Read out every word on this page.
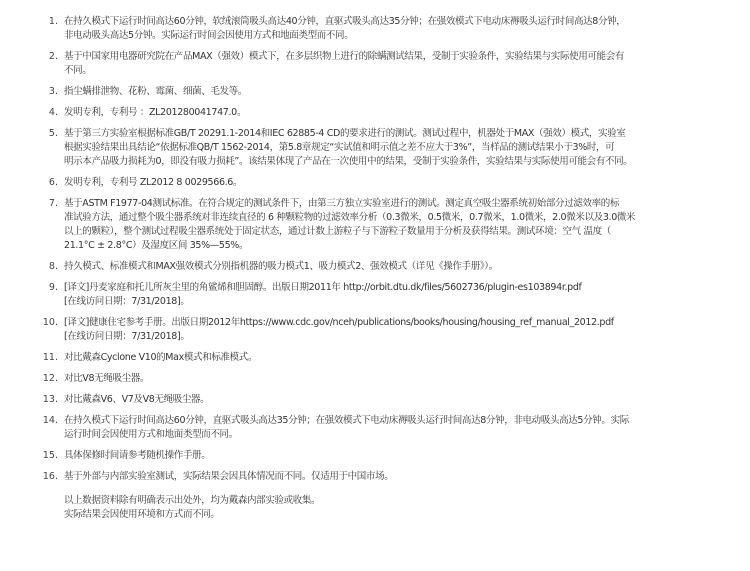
1. 在持久模式下运行时间高达60分钟，软绒滚筒吸头高达40分钟，直驱式吸头高达35分钟；在强效模式下电动床褥吸头运行时间高达8分钟，
非电动吸头高达5分钟。实际运行时间会因使用方式和地面类型而不同。
2. 基于中国家用电器研究院在产品MAX（强效）模式下，在多层织物上进行的除螨测试结果，受制于实验条件，实验结果与实际使用可能会有
不同。
3. 指尘螨排泄物、花粉、霉菌、细菌、毛发等。
4. 发明专利，专利号 ：ZL201280041747.0。
5. 基于第三方实验室根据标准GB/T 20291.1-2014和IEC 62885-4 CD的要求进行的测试。测试过程中，机器处于MAX（强效）模式，实验室
根据实验结果出具结论“依据标准QB/T 1562-2014，第5.8章规定“实试值和明示值之差不应大于3%”，当样品的测试结果小于3%时，可
明示本产品吸力损耗为0，即没有吸力损耗”。该结果体现了产品在一次使用中的结果，受制于实验条件，实验结果与实际使用可能会有不同。
6. 发明专利，专利号 ZL2012 8 0029566.6。
7. 基于ASTM F1977-04测试标准。在符合规定的测试条件下，由第三方独立实验室进行的测试。测定真空吸尘器系统初始部分过滤效率的标
准试验方法，通过整个吸尘器系统对非连续直径的 6 种颗粒物的过滤效率分析（0.3微米，0.5微米，0.7微米，1.0微米，2.0微米以及3.0微米
以上的颗粒），整个测试过程吸尘器系统处于固定状态，通过计数上游粒子与下游粒子数量用于分析及获得结果。测试环境：空气 温度（
21.1°C ± 2.8°C）及湿度区间 35%—55%。
8. 持久模式、标准模式和MAX强效模式分别指机器的吸力模式1、吸力模式2、强效模式（详见《操作手册》）。
9. [译文]丹麦家庭和托儿所灰尘里的角鲨烯和胆固醇。出版日期2011年 http://orbit.dtu.dk/files/5602736/plugin-es103894r.pdf
[在线访问日期：7/31/2018]。
10. [译文]健康住宅参考手册。出版日期2012年https://www.cdc.gov/nceh/publications/books/housing/housing_ref_manual_2012.pdf
[在线访问日期：7/31/2018]。
11. 对比戴森Cyclone V10的Max模式和标准模式。
12. 对比V8无绳吸尘器。
13. 对比戴森V6、V7及V8无绳吸尘器。
14. 在持久模式下运行时间高达60分钟，直驱式吸头高达35分钟；在强效模式下电动床褥吸头运行时间高达8分钟，非电动吸头高达5分钟。实际
运行时间会因使用方式和地面类型而不同。
15. 具体保修时间请参考随机操作手册。
16. 基于外部与内部实验室测试，实际结果会因具体情况而不同。仅适用于中国市场。

以上数据资料除有明确表示出处外，均为戴森内部实验或收集。

实际结果会因使用环境和方式而不同。
